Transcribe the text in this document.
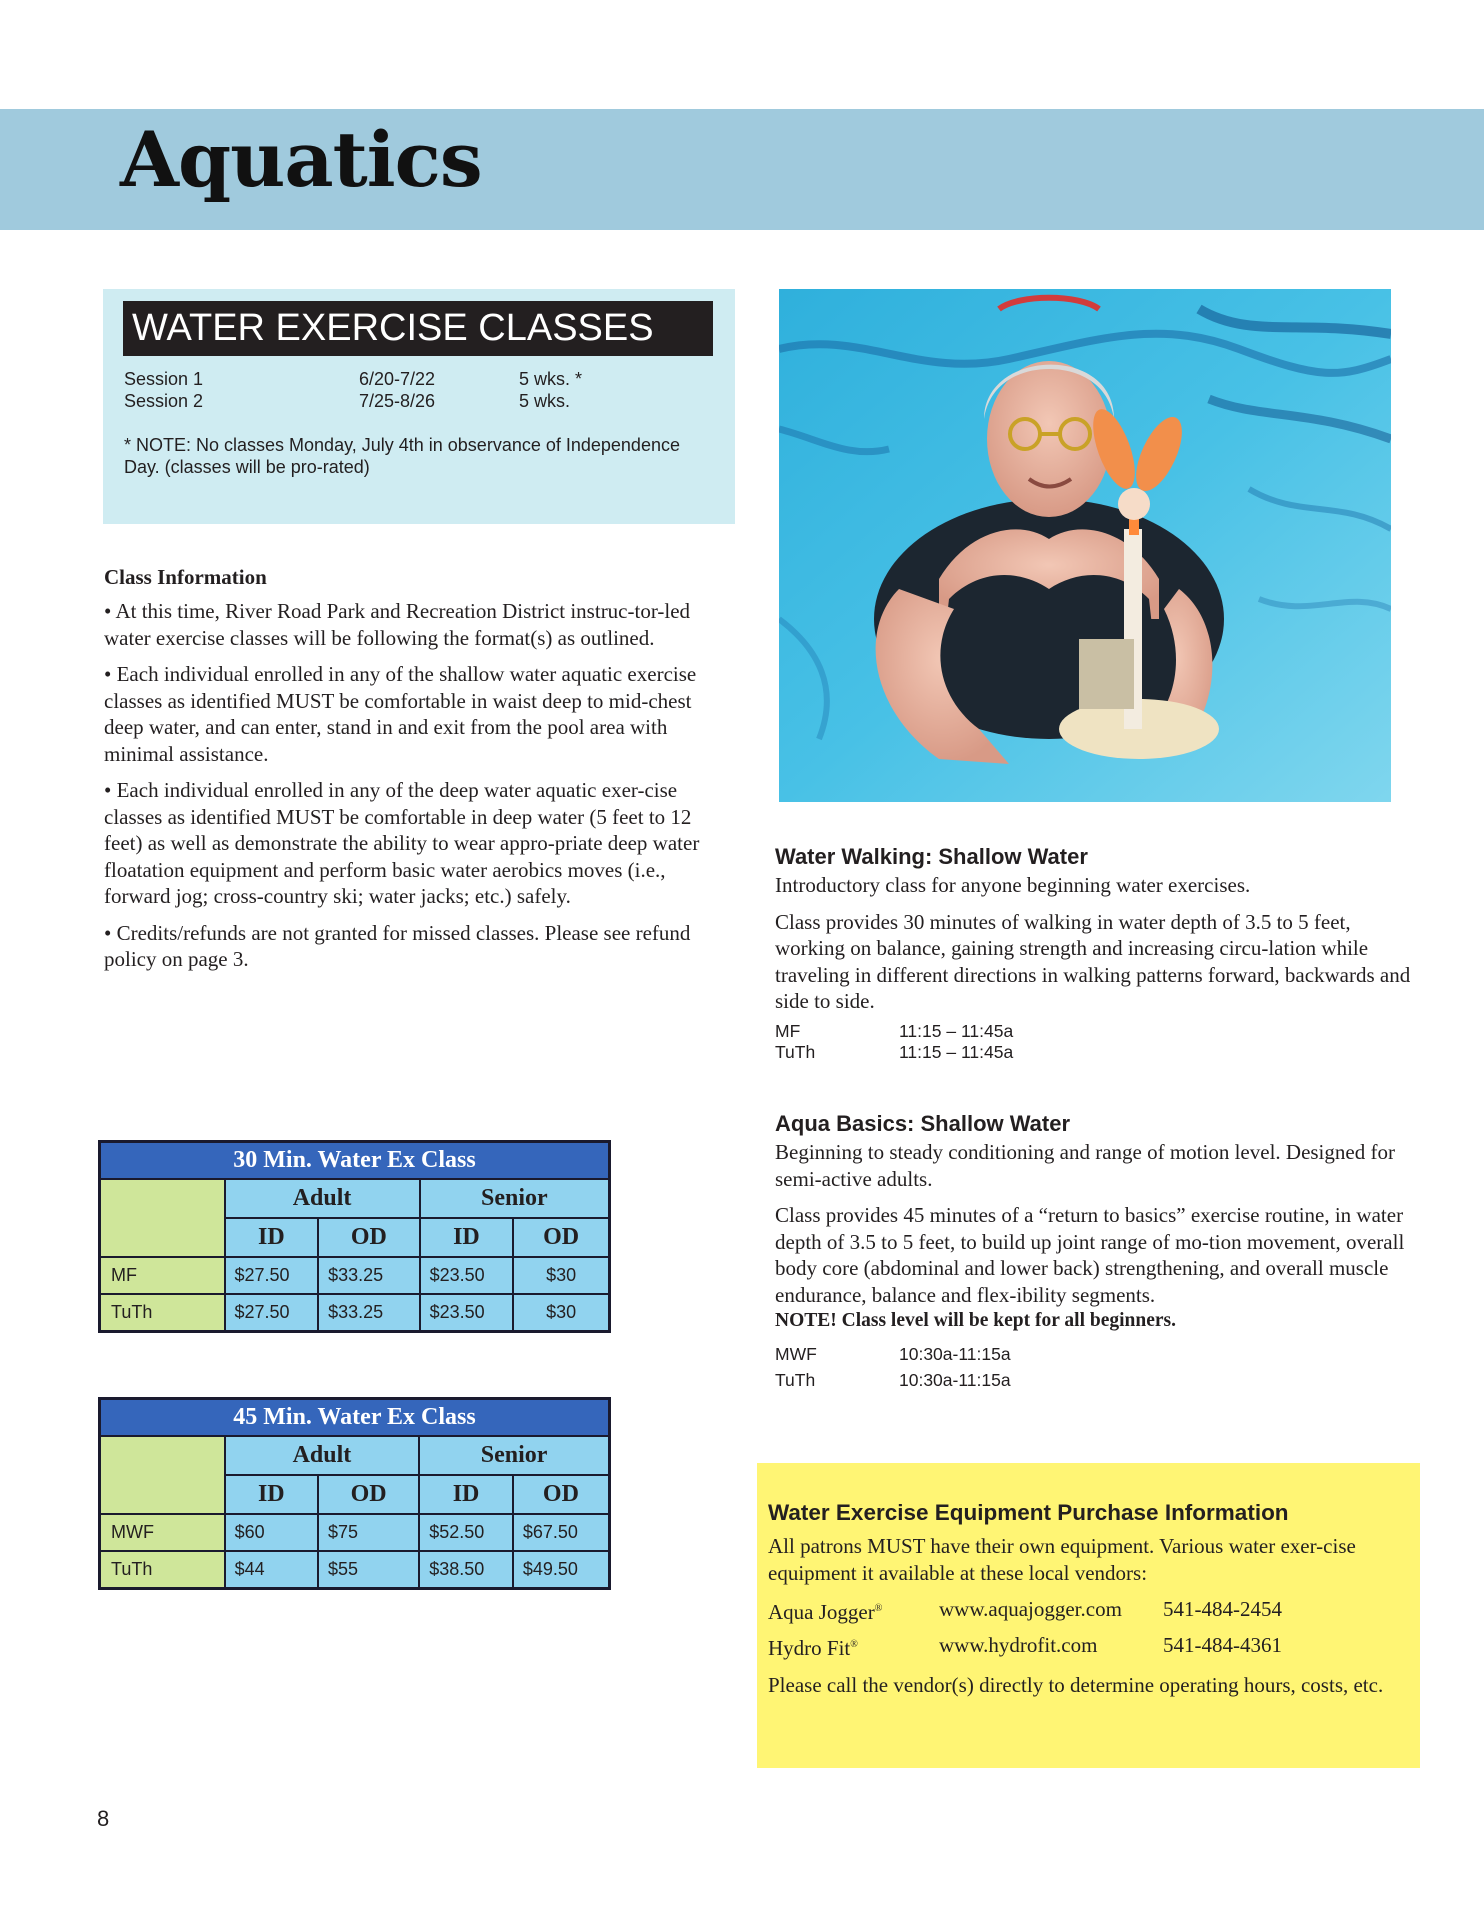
Aquatics
WATER EXERCISE CLASSES
Session 1	6/20-7/22	5 wks. *
Session 2	7/25-8/26	5 wks.
* NOTE: No classes Monday, July 4th in observance of Independence Day. (classes will be pro-rated)
Class Information

• At this time, River Road Park and Recreation District instruc-tor-led water exercise classes will be following the format(s) as outlined.

• Each individual enrolled in any of the shallow water aquatic exercise classes as identified MUST be comfortable in waist deep to mid-chest deep water, and can enter, stand in and exit from the pool area with minimal assistance.

• Each individual enrolled in any of the deep water aquatic exer-cise classes as identified MUST be comfortable in deep water (5 feet to 12 feet) as well as demonstrate the ability to wear appro-priate deep water floatation equipment and perform basic water aerobics moves (i.e., forward jog; cross-country ski; water jacks; etc.) safely.

• Credits/refunds are not granted for missed classes. Please see refund policy on page 3.

30 Min. Water Ex Class				
	Adult		Senior	
	ID	OD	ID	OD
MF	$27.50	$33.25	$23.50	$30
TuTh	$27.50	$33.25	$23.50	$30
45 Min. Water Ex Class				
	Adult		Senior	
	ID	OD	ID	OD
MWF	$60	$75	$52.50	$67.50
TuTh	$44	$55	$38.50	$49.50
Water Walking: Shallow Water

Introductory class for anyone beginning water exercises.

Class provides 30 minutes of walking in water depth of 3.5 to 5 feet, working on balance, gaining strength and increasing circu-lation while traveling in different directions in walking patterns forward, backwards and side to side.

MF	11:15 – 11:45a
TuTh	11:15 – 11:45a
Aqua Basics: Shallow Water

Beginning to steady conditioning and range of motion level. Designed for semi-active adults.

Class provides 45 minutes of a “return to basics” exercise routine, in water depth of 3.5 to 5 feet, to build up joint range of mo-tion movement, overall body core (abdominal and lower back) strengthening, and overall muscle endurance, balance and flex-ibility segments.

NOTE! Class level will be kept for all beginners.

MWF	10:30a-11:15a
TuTh	10:30a-11:15a
Water Exercise Equipment Purchase Information
All patrons MUST have their own equipment. Various water exer-cise equipment it available at these local vendors:
Aqua Jogger®	www.aquajogger.com 541-484-2454
Hydro Fit®	www.hydrofit.com	541-484-4361
Please call the vendor(s) directly to determine operating hours, costs, etc.
8
